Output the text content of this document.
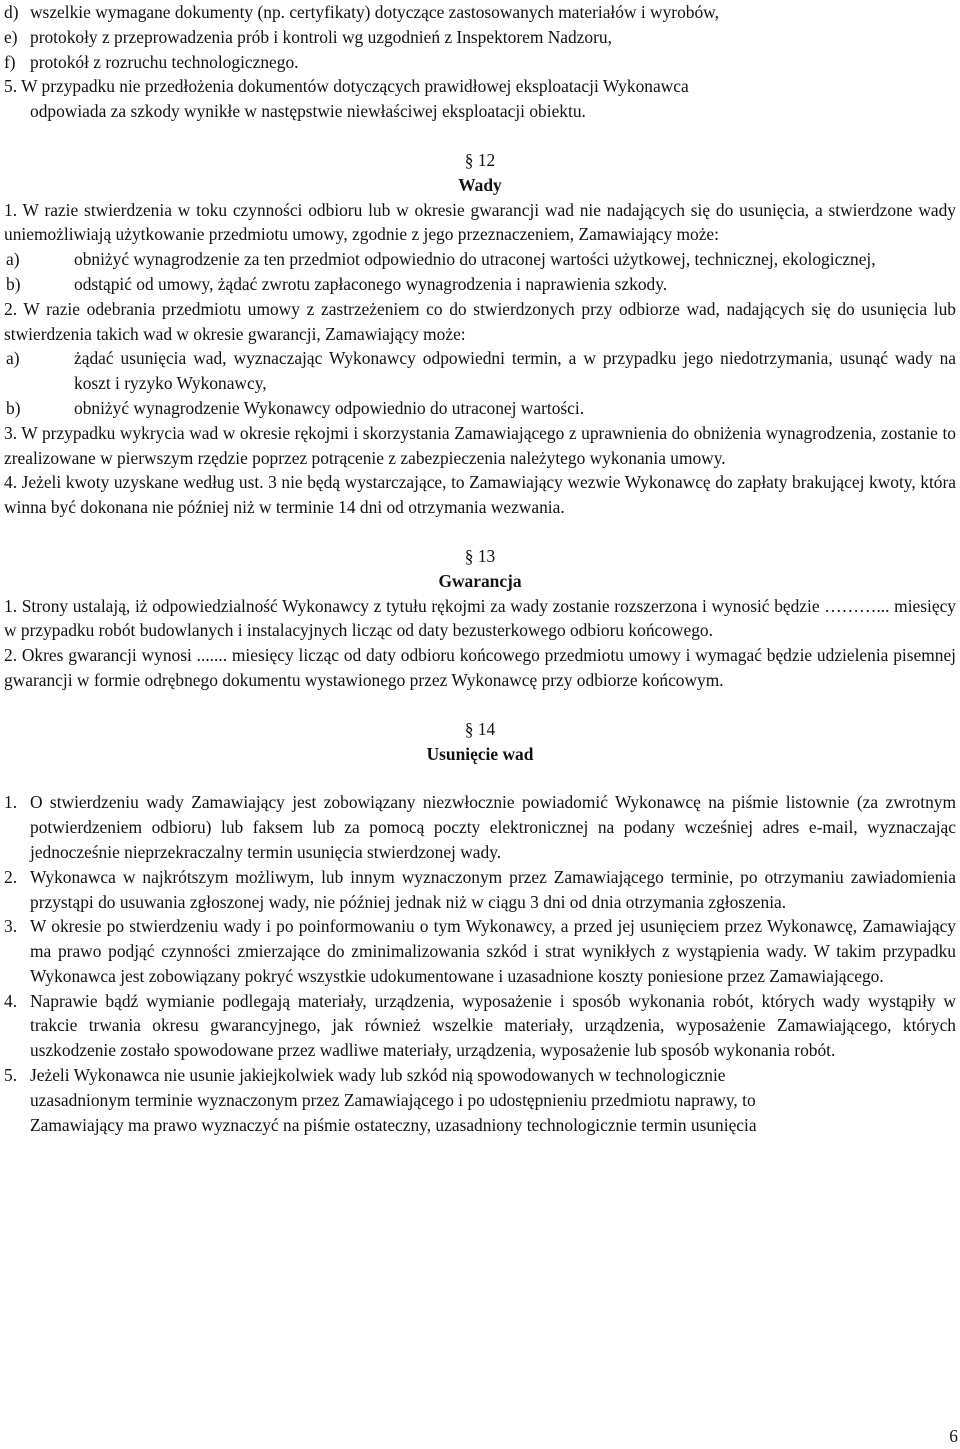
d) wszelkie wymagane dokumenty (np. certyfikaty) dotyczące zastosowanych materiałów i wyrobów,
e) protokoły z przeprowadzenia prób i kontroli wg uzgodnień z Inspektorem Nadzoru,
f) protokół z rozruchu technologicznego.

5. W przypadku nie przedłożenia dokumentów dotyczących prawidłowej eksploatacji Wykonawca

odpowiada za szkody wynikłe w następstwie niewłaściwej eksploatacji obiektu.

§ 12
Wady

1. W razie stwierdzenia w toku czynności odbioru lub w okresie gwarancji wad nie nadających się do usunięcia, a stwierdzone wady uniemożliwiają użytkowanie przedmiotu umowy, zgodnie z jego przeznaczeniem, Zamawiający może:

a)	obniżyć wynagrodzenie za ten przedmiot odpowiednio do utraconej wartości użytkowej, technicznej, ekologicznej,
b)	odstąpić od umowy, żądać zwrotu zapłaconego wynagrodzenia i naprawienia szkody.

2. W razie odebrania przedmiotu umowy z zastrzeżeniem co do stwierdzonych przy odbiorze wad, nadających się do usunięcia lub stwierdzenia takich wad w okresie gwarancji, Zamawiający może:

a)	żądać usunięcia wad, wyznaczając Wykonawcy odpowiedni termin, a w przypadku jego niedotrzymania, usunąć wady na koszt i ryzyko Wykonawcy,
b)	obniżyć wynagrodzenie Wykonawcy odpowiednio do utraconej wartości.

3. W przypadku wykrycia wad w okresie rękojmi i skorzystania Zamawiającego z uprawnienia do obniżenia wynagrodzenia, zostanie to zrealizowane w pierwszym rzędzie poprzez potrącenie z zabezpieczenia należytego wykonania umowy.

4. Jeżeli kwoty uzyskane według ust. 3 nie będą wystarczające, to Zamawiający wezwie Wykonawcę do zapłaty brakującej kwoty, która winna być dokonana nie później niż w terminie 14 dni od otrzymania wezwania.

§ 13
Gwarancja

1. Strony ustalają, iż odpowiedzialność Wykonawcy z tytułu rękojmi za wady zostanie rozszerzona i wynosić będzie ………... miesięcy w przypadku robót budowlanych i instalacyjnych licząc od daty bezusterkowego odbioru końcowego.

2. Okres gwarancji wynosi ....... miesięcy licząc od daty odbioru końcowego przedmiotu umowy i wymagać będzie udzielenia pisemnej gwarancji w formie odrębnego dokumentu wystawionego przez Wykonawcę przy odbiorze końcowym.

§ 14
Usunięcie wad
1. O stwierdzeniu wady Zamawiający jest zobowiązany niezwłocznie powiadomić Wykonawcę na piśmie listownie (za zwrotnym potwierdzeniem odbioru) lub faksem lub za pomocą poczty elektronicznej na podany wcześniej adres e-mail, wyznaczając jednocześnie nieprzekraczalny termin usunięcia stwierdzonej wady.
2. Wykonawca w najkrótszym możliwym, lub innym wyznaczonym przez Zamawiającego terminie, po otrzymaniu zawiadomienia przystąpi do usuwania zgłoszonej wady, nie później jednak niż w ciągu 3 dni od dnia otrzymania zgłoszenia.
3. W okresie po stwierdzeniu wady i po poinformowaniu o tym Wykonawcy, a przed jej usunięciem przez Wykonawcę, Zamawiający ma prawo podjąć czynności zmierzające do zminimalizowania szkód i strat wynikłych z wystąpienia wady. W takim przypadku Wykonawca jest zobowiązany pokryć wszystkie udokumentowane i uzasadnione koszty poniesione przez Zamawiającego.
4. Naprawie bądź wymianie podlegają materiały, urządzenia, wyposażenie i sposób wykonania robót, których wady wystąpiły w trakcie trwania okresu gwarancyjnego, jak również wszelkie materiały, urządzenia, wyposażenie Zamawiającego, których uszkodzenie zostało spowodowane przez wadliwe materiały, urządzenia, wyposażenie lub sposób wykonania robót.
5. Jeżeli Wykonawca nie usunie jakiejkolwiek wady lub szkód nią spowodowanych w technologicznie
uzasadnionym terminie wyznaczonym przez Zamawiającego i po udostępnieniu przedmiotu naprawy, to
Zamawiający ma prawo wyznaczyć na piśmie ostateczny, uzasadniony technologicznie termin usunięcia
6
